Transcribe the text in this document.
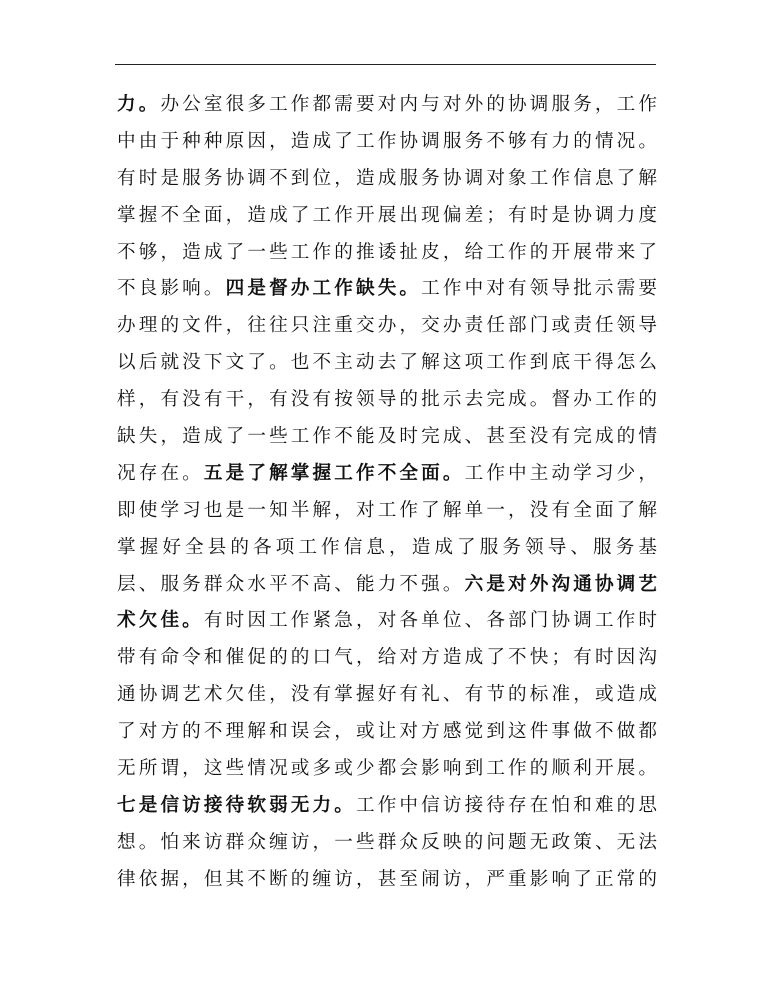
力。办公室很多工作都需要对内与对外的协调服务，工作
中由于种种原因，造成了工作协调服务不够有力的情况。
有时是服务协调不到位，造成服务协调对象工作信息了解
掌握不全面，造成了工作开展出现偏差；有时是协调力度
不够，造成了一些工作的推诿扯皮，给工作的开展带来了
不良影响。四是督办工作缺失。工作中对有领导批示需要
办理的文件，往往只注重交办，交办责任部门或责任领导
以后就没下文了。也不主动去了解这项工作到底干得怎么
样，有没有干，有没有按领导的批示去完成。督办工作的
缺失，造成了一些工作不能及时完成、甚至没有完成的情
况存在。五是了解掌握工作不全面。工作中主动学习少，
即使学习也是一知半解，对工作了解单一，没有全面了解
掌握好全县的各项工作信息，造成了服务领导、服务基
层、服务群众水平不高、能力不强。六是对外沟通协调艺
术欠佳。有时因工作紧急，对各单位、各部门协调工作时
带有命令和催促的的口气，给对方造成了不快；有时因沟
通协调艺术欠佳，没有掌握好有礼、有节的标准，或造成
了对方的不理解和误会，或让对方感觉到这件事做不做都
无所谓，这些情况或多或少都会影响到工作的顺利开展。
七是信访接待软弱无力。工作中信访接待存在怕和难的思
想。怕来访群众缠访，一些群众反映的问题无政策、无法
律依据，但其不断的缠访，甚至闹访，严重影响了正常的
